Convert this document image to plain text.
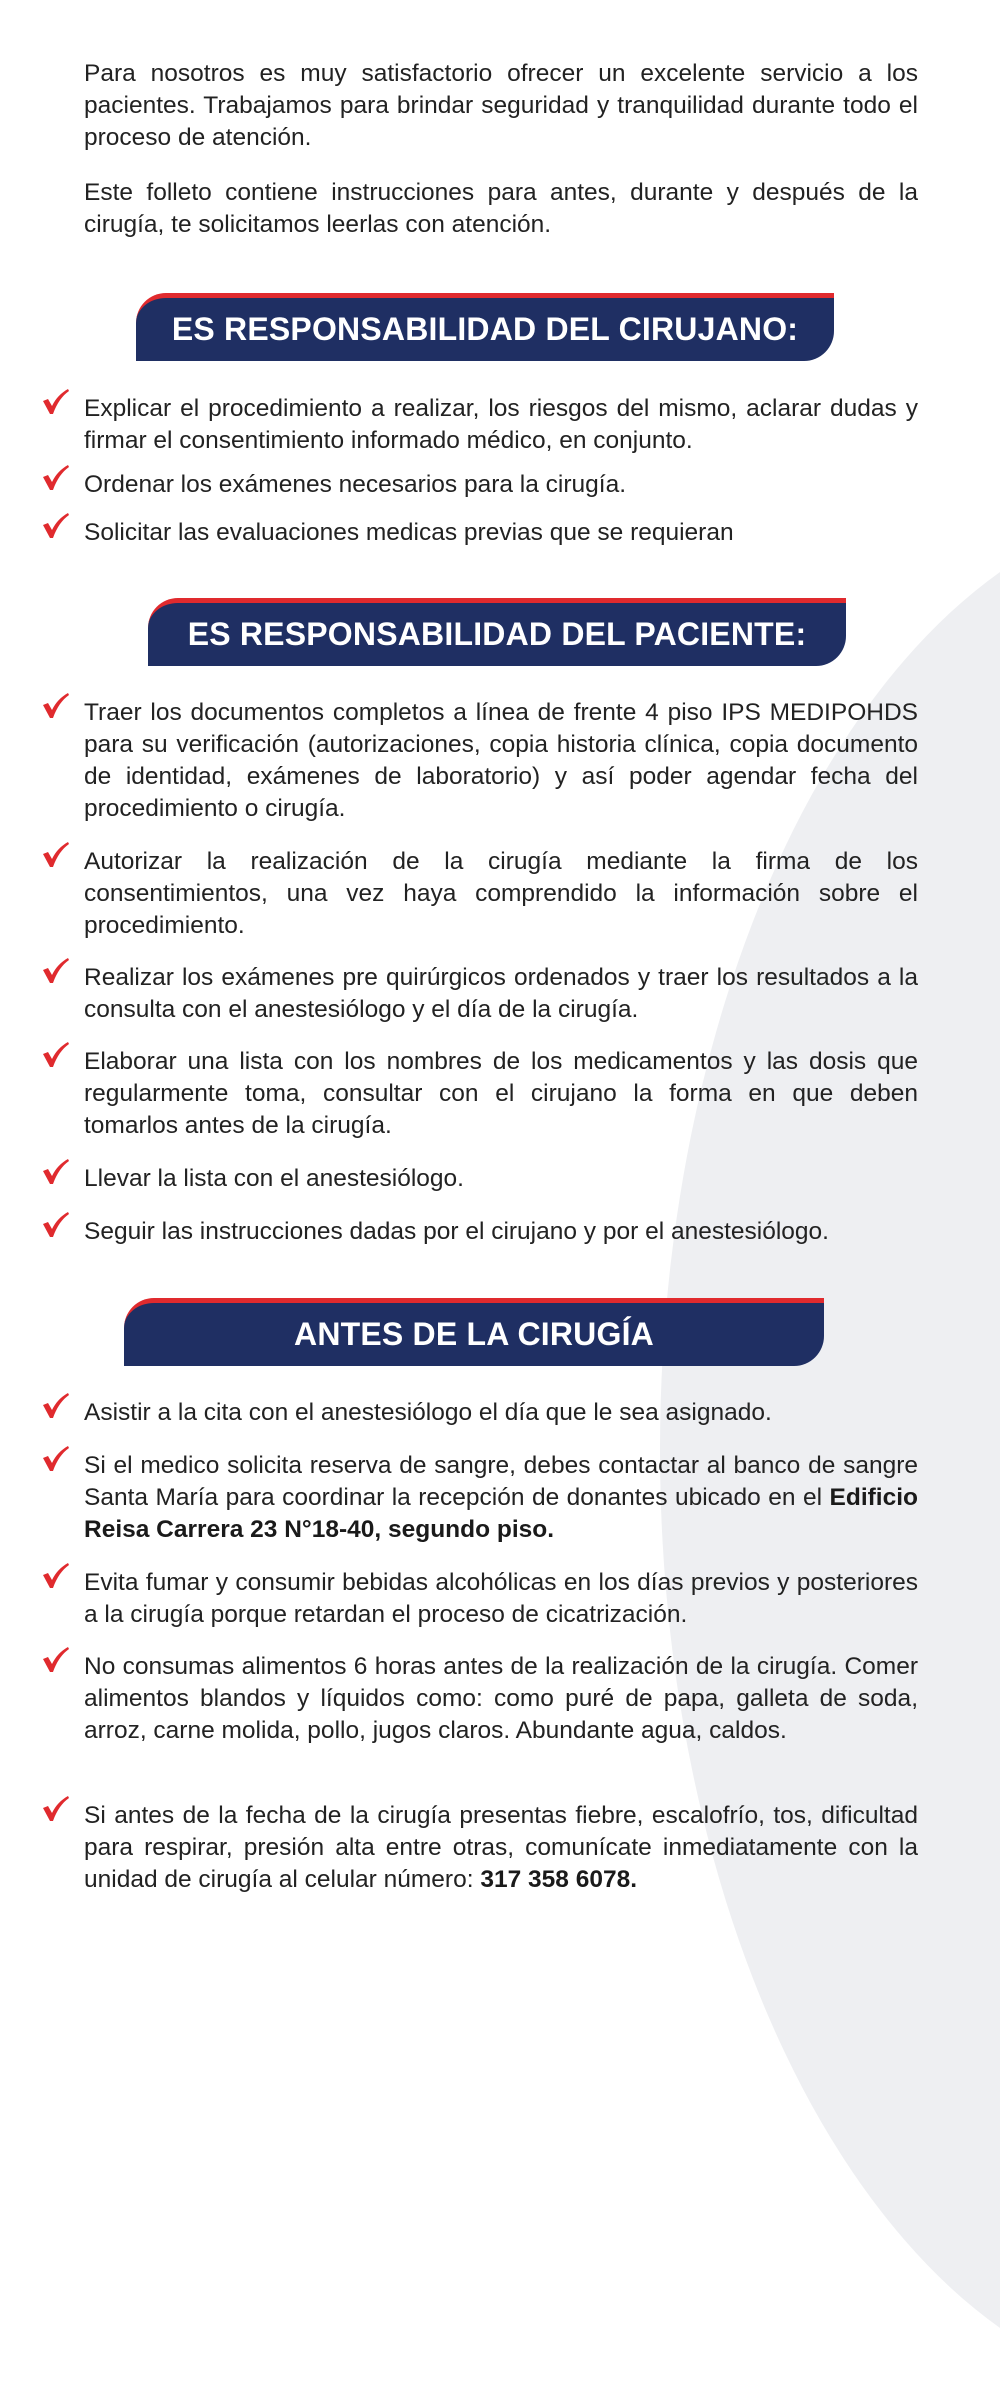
Para nosotros es muy satisfactorio ofrecer un excelente servicio a los pacientes. Trabajamos para brindar seguridad y tranquilidad durante todo el proceso de atención.

Este folleto contiene instrucciones para antes, durante y después de la cirugía, te solicitamos leerlas con atención.

ES RESPONSABILIDAD DEL CIRUJANO:

Explicar el procedimiento a realizar, los riesgos del mismo, aclarar dudas y firmar el consentimiento informado médico, en conjunto.

Ordenar los exámenes necesarios para la cirugía.

Solicitar las evaluaciones medicas previas que se requieran

ES RESPONSABILIDAD DEL PACIENTE:

Traer los documentos completos a línea de frente 4 piso IPS MEDIPOHDS para su verificación (autorizaciones, copia historia clínica, copia documento de identidad, exámenes de laboratorio) y así poder agendar fecha del procedimiento o cirugía.

Autorizar la realización de la cirugía mediante la firma de los consentimientos, una vez haya comprendido la información sobre el procedimiento.

Realizar los exámenes pre quirúrgicos ordenados y traer los resultados a la consulta con el anestesiólogo y el día de la cirugía.

Elaborar una lista con los nombres de los medicamentos y las dosis que regularmente toma, consultar con el cirujano la forma en que deben tomarlos antes de la cirugía.

Llevar la lista con el anestesiólogo.

Seguir las instrucciones dadas por el cirujano y por el anestesiólogo.

ANTES DE LA CIRUGÍA

Asistir a la cita con el anestesiólogo el día que le sea asignado.

Si el medico solicita reserva de sangre, debes contactar al banco de sangre Santa María para coordinar la recepción de donantes ubicado en el Edificio Reisa Carrera 23 N°18-40, segundo piso.

Evita fumar y consumir bebidas alcohólicas en los días previos y posteriores a la cirugía porque retardan el proceso de cicatrización.

No consumas alimentos 6 horas antes de la realización de la cirugía. Comer alimentos blandos y líquidos como: como puré de papa, galleta de soda, arroz, carne molida, pollo, jugos claros. Abundante agua, caldos.

Si antes de la fecha de la cirugía presentas fiebre, escalofrío, tos, dificultad para respirar, presión alta entre otras, comunícate inmediatamente con la unidad de cirugía al celular número: 317 358 6078.
